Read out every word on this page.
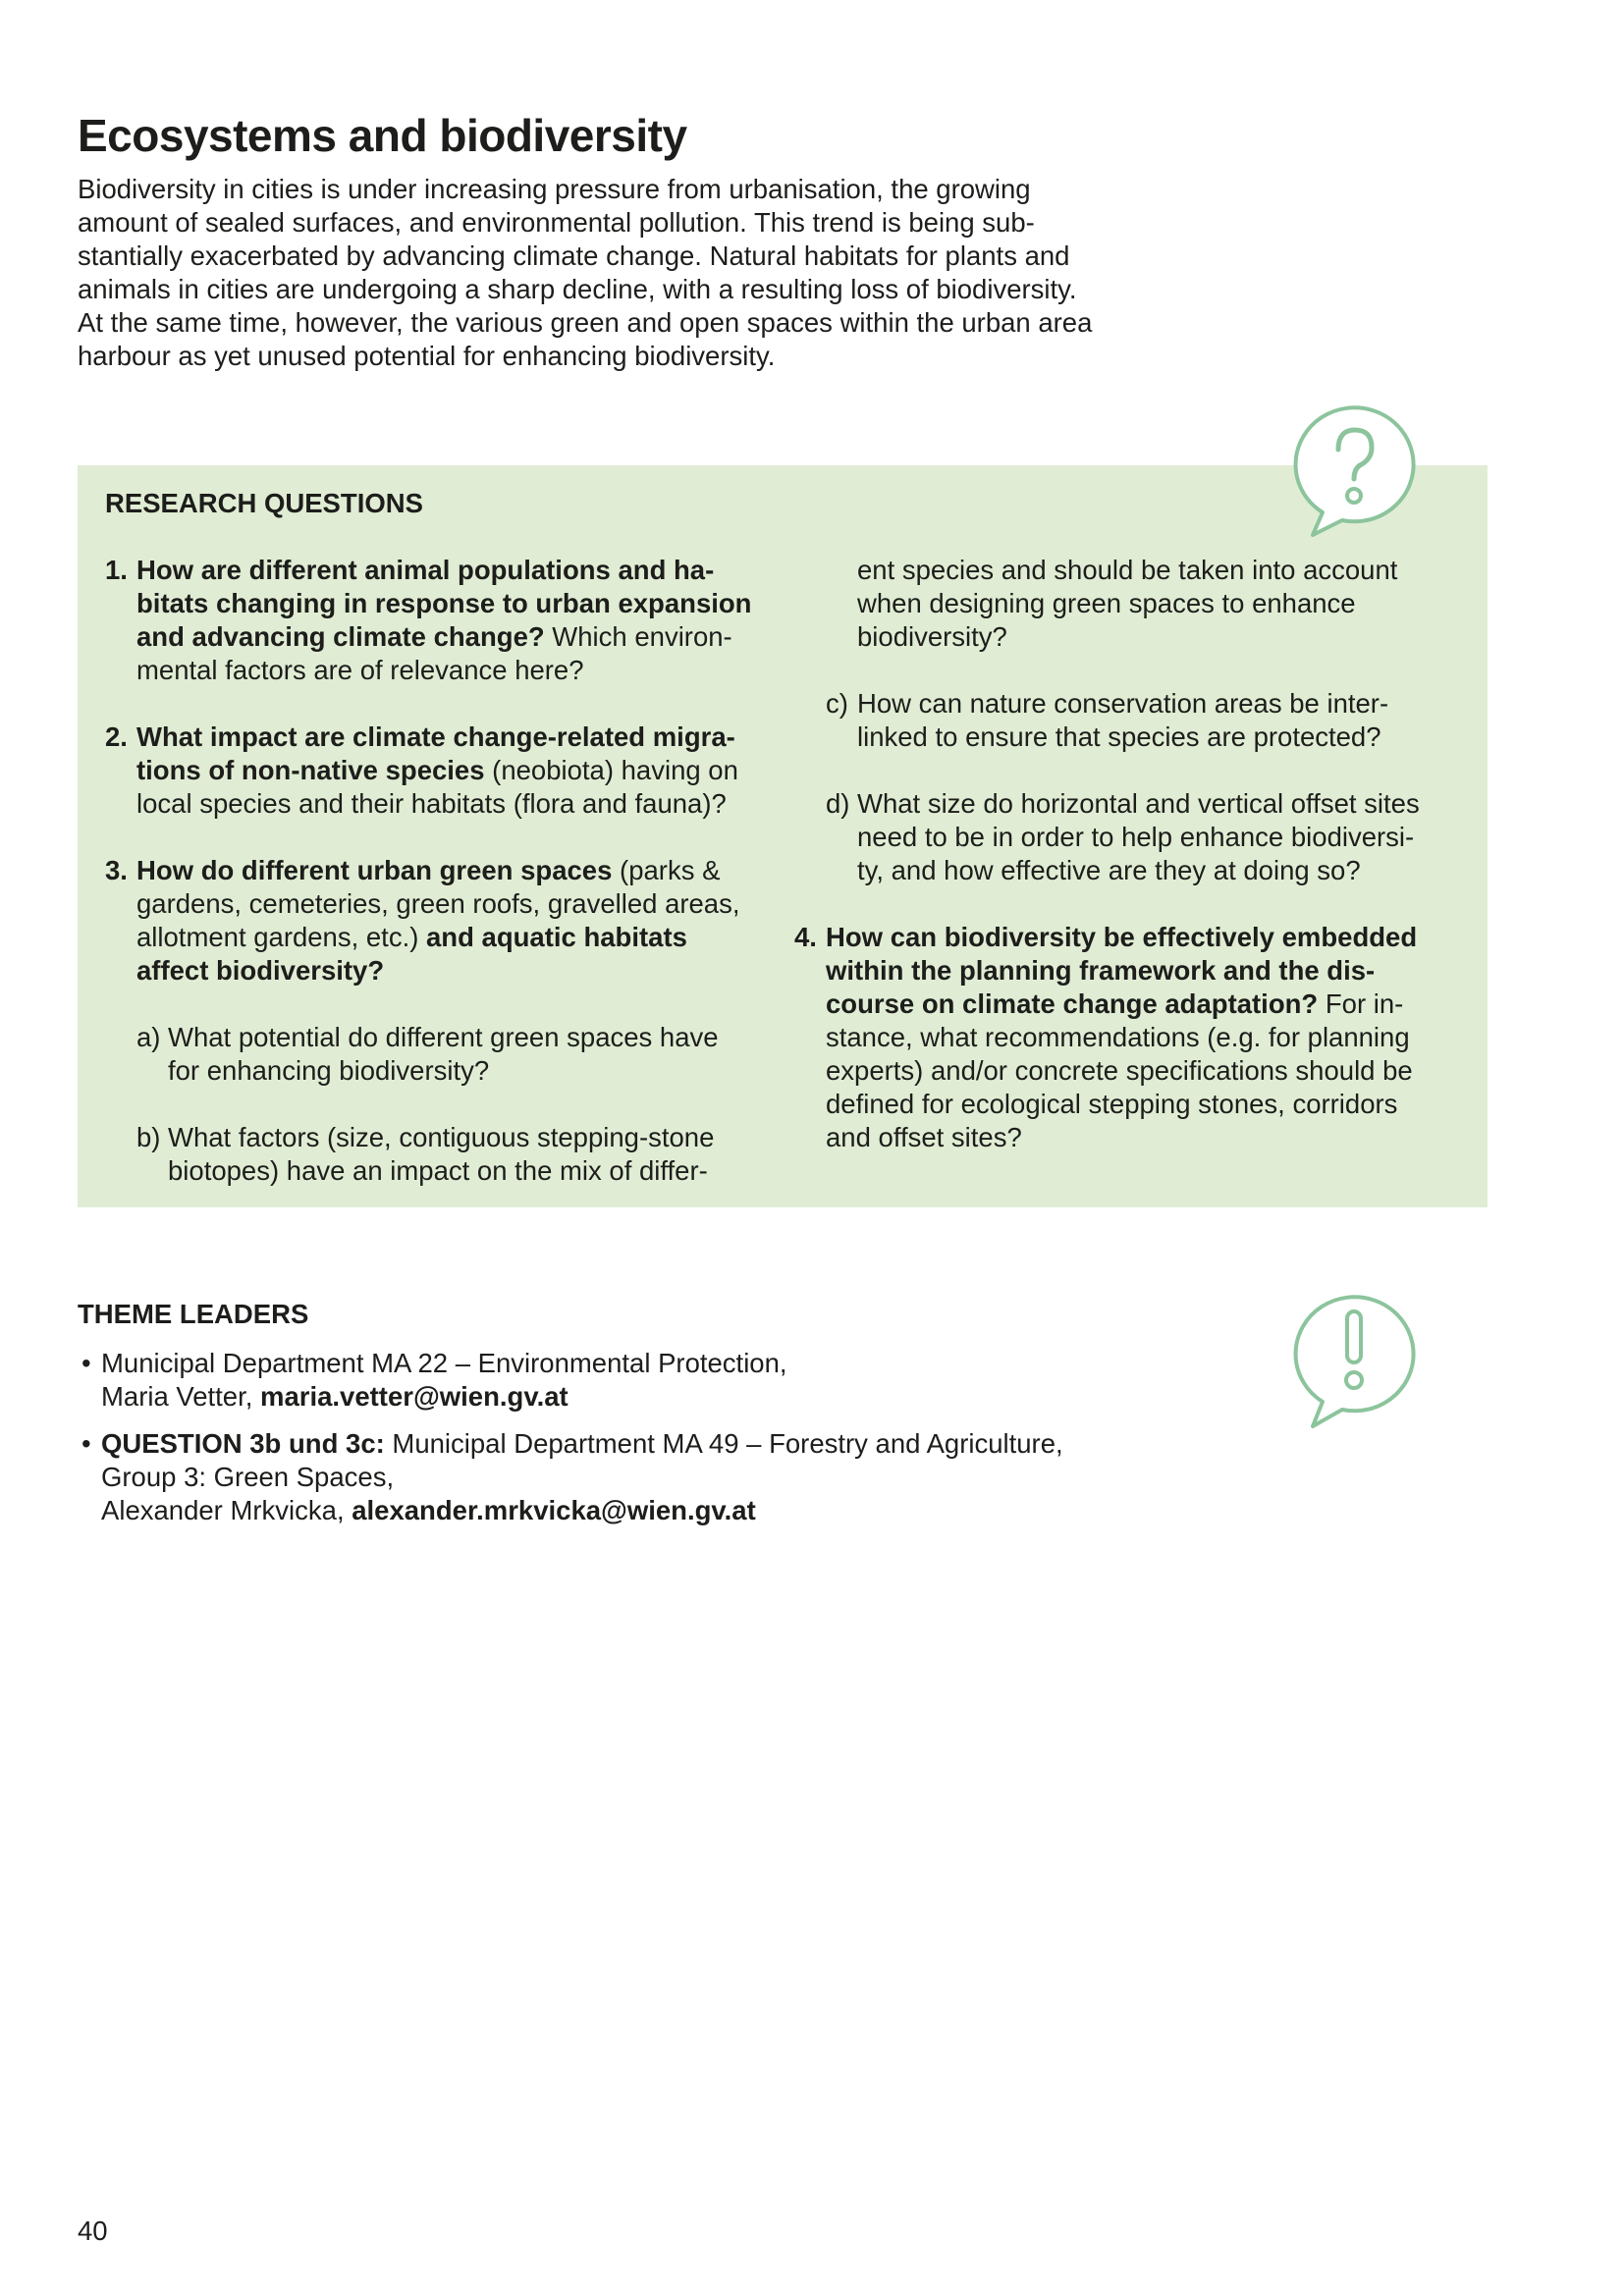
Ecosystems and biodiversity

Biodiversity in cities is under increasing pressure from urbanisation, the growing
amount of sealed surfaces, and environmental pollution. This trend is being sub-
stantially exacerbated by advancing climate change. Natural habitats for plants and
animals in cities are undergoing a sharp decline, with a resulting loss of biodiversity.
At the same time, however, the various green and open spaces within the urban area
harbour as yet unused potential for enhancing biodiversity.

RESEARCH QUESTIONS
1. How are different animal populations and ha-
bitats changing in response to urban expansion
and advancing climate change? Which environ-
mental factors are of relevance here?
2. What impact are climate change-related migra-
tions of non-native species (neobiota) having on
local species and their habitats (flora and fauna)?
3. How do different urban green spaces (parks &
gardens, cemeteries, green roofs, gravelled areas,
allotment gardens, etc.) and aquatic habitats
affect biodiversity?
a) What potential do different green spaces have
for enhancing biodiversity?
b) What factors (size, contiguous stepping-stone
biotopes) have an impact on the mix of differ-
ent species and should be taken into account
when designing green spaces to enhance
biodiversity?
c) How can nature conservation areas be inter-
linked to ensure that species are protected?
d) What size do horizontal and vertical offset sites
need to be in order to help enhance biodiversi-
ty, and how effective are they at doing so?
4. How can biodiversity be effectively embedded
within the planning framework and the dis-
course on climate change adaptation? For in-
stance, what recommendations (e.g. for planning
experts) and/or concrete specifications should be
defined for ecological stepping stones, corridors
and offset sites?
THEME LEADERS
• Municipal Department MA 22 – Environmental Protection,
Maria Vetter, maria.vetter@wien.gv.at
• QUESTION 3b und 3c: Municipal Department MA 49 – Forestry and Agriculture,
Group 3: Green Spaces,
Alexander Mrkvicka, alexander.mrkvicka@wien.gv.at

40
